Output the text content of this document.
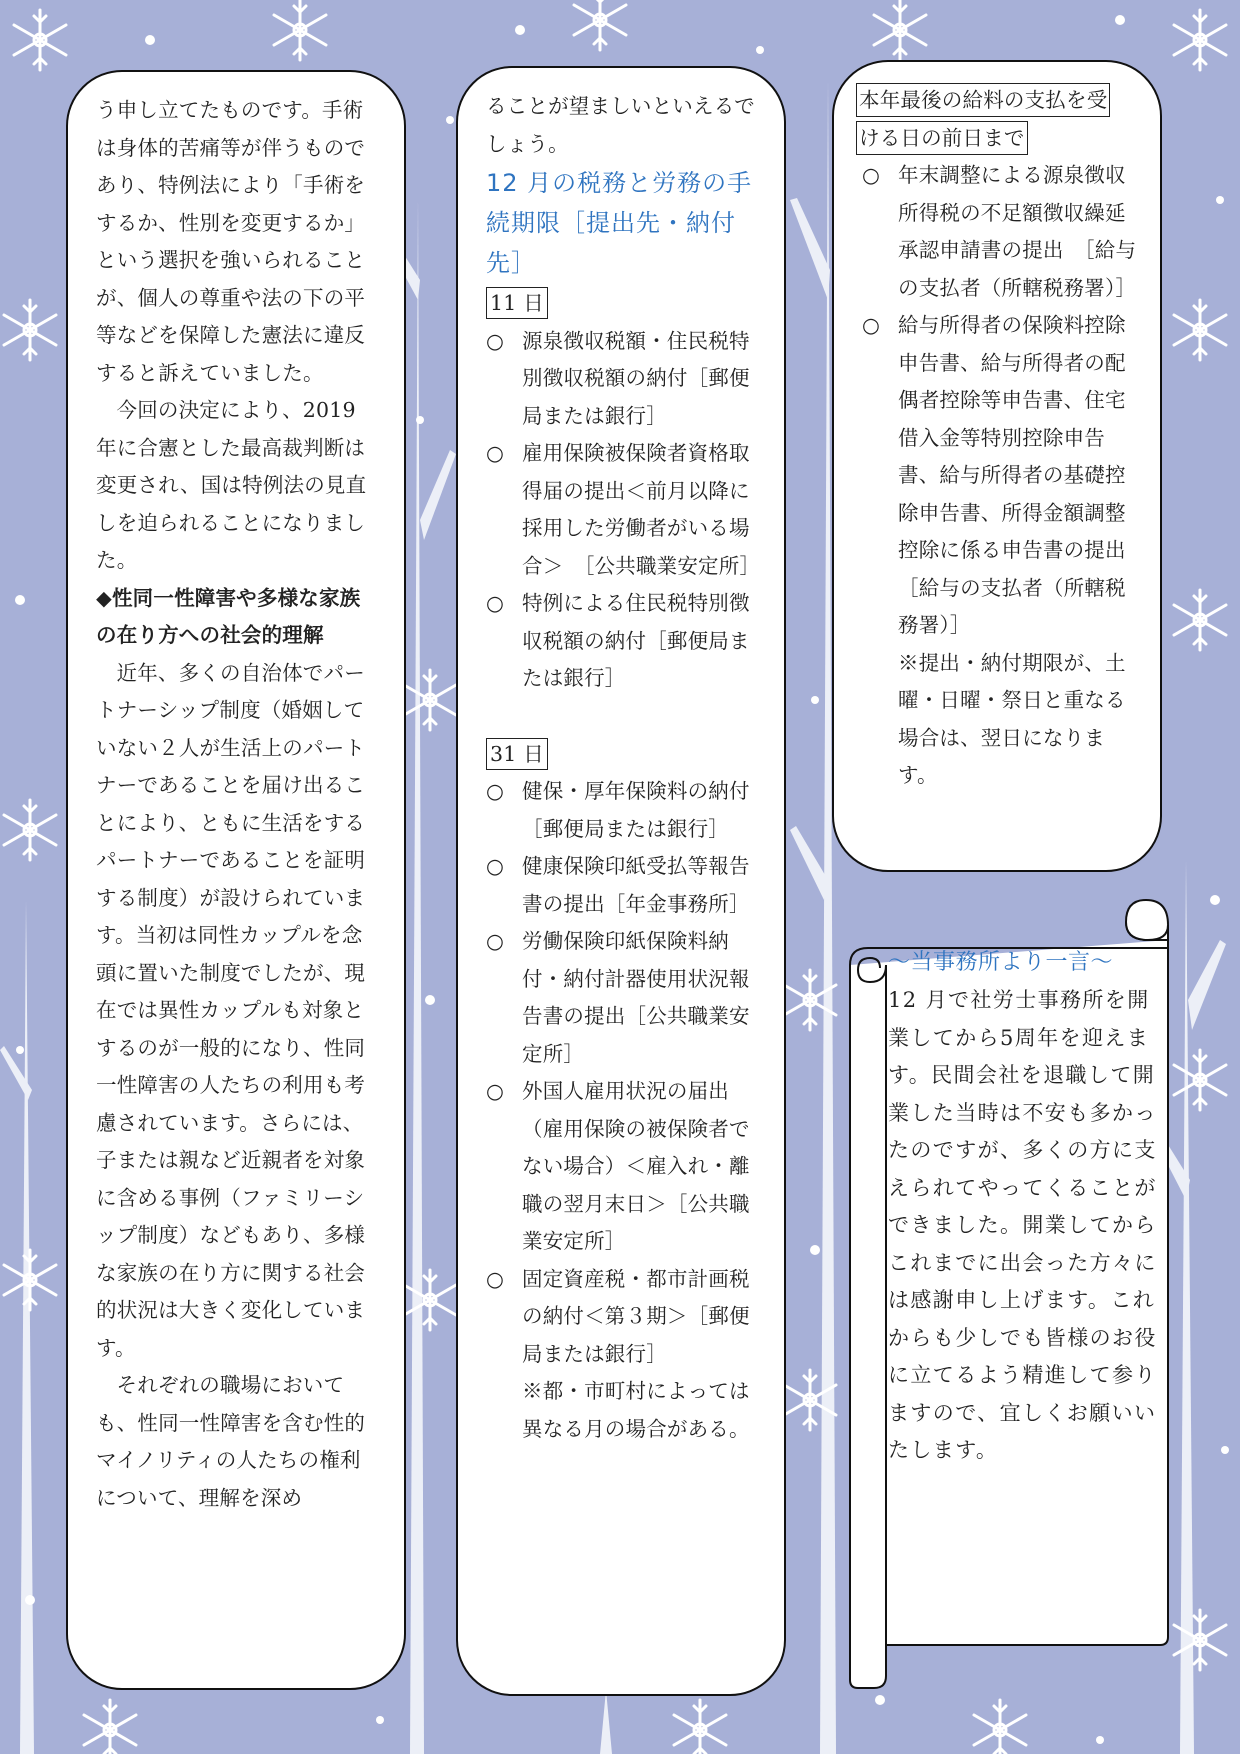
う申し立てたものです。手術は身体的苦痛等が伴うものであり、特例法により「手術をするか、性別を変更するか」という選択を強いられることが、個人の尊重や法の下の平等などを保障した憲法に違反すると訴えていました。

今回の決定により、2019年に合憲とした最高裁判断は変更され、国は特例法の見直しを迫られることになりました。

◆性同一性障害や多様な家族の在り方への社会的理解

近年、多くの自治体でパートナーシップ制度（婚姻していない２人が生活上のパートナーであることを届け出ることにより、ともに生活をするパートナーであることを証明する制度）が設けられています。当初は同性カップルを念頭に置いた制度でしたが、現在では異性カップルも対象とするのが一般的になり、性同一性障害の人たちの利用も考慮されています。さらには、子または親など近親者を対象に含める事例（ファミリーシップ制度）などもあり、多様な家族の在り方に関する社会的状況は大きく変化しています。

それぞれの職場においても、性同一性障害を含む性的マイノリティの人たちの権利について、理解を深め

ることが望ましいといえるでしょう。

12 月の税務と労務の手続期限［提出先・納付先］

11 日
○ 源泉徴収税額・住民税特別徴収税額の納付［郵便局または銀行］
○ 雇用保険被保険者資格取得届の提出＜前月以降に採用した労働者がいる場合＞　［公共職業安定所］
○ 特例による住民税特別徴収税額の納付［郵便局または銀行］
31 日
○ 健保・厚年保険料の納付　［郵便局または銀行］
○ 健康保険印紙受払等報告書の提出［年金事務所］
○ 労働保険印紙保険料納付・納付計器使用状況報告書の提出［公共職業安定所］
○ 外国人雇用状況の届出（雇用保険の被保険者でない場合）＜雇入れ・離職の翌月末日＞［公共職業安定所］
○ 固定資産税・都市計画税の納付＜第３期＞［郵便局または銀行］
※都・市町村によっては異なる月の場合がある。
本年最後の給料の支払を受
ける日の前日まで
○ 年末調整による源泉徴収所得税の不足額徴収繰延承認申請書の提出　［給与の支払者（所轄税務署）］
○ 給与所得者の保険料控除申告書、給与所得者の配偶者控除等申告書、住宅借入金等特別控除申告書、給与所得者の基礎控除申告書、所得金額調整控除に係る申告書の提出［給与の支払者（所轄税務署）］
※提出・納付期限が、土曜・日曜・祭日と重なる場合は、翌日になります。
～当事務所より一言～
12 月で社労士事務所を開業してから5周年を迎えます。民間会社を退職して開業した当時は不安も多かったのですが、多くの方に支えられてやってくることができました。開業してからこれまでに出会った方々には感謝申し上げます。これからも少しでも皆様のお役に立てるよう精進して参りますので、宜しくお願いいたします。
